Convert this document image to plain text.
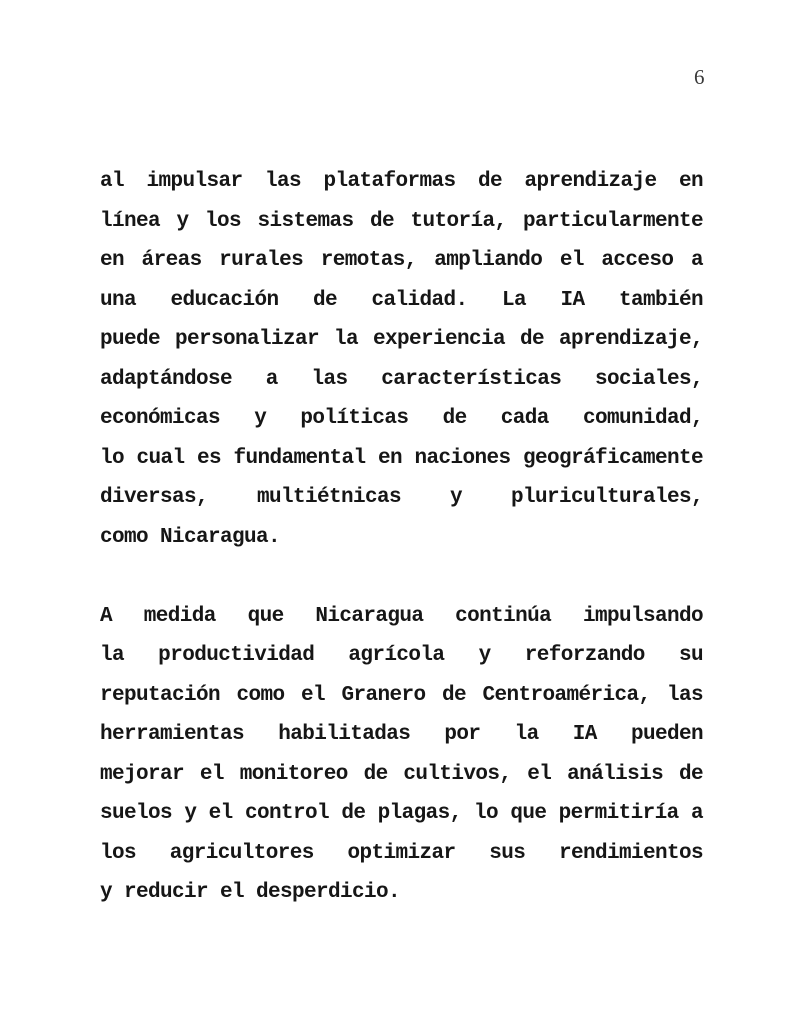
6
al impulsar las plataformas de aprendizaje en
línea y los sistemas de tutoría, particularmente
en áreas rurales remotas, ampliando el acceso a
una educación de calidad. La IA también
puede personalizar la experiencia de aprendizaje,
adaptándose a las características sociales,
económicas y políticas de cada comunidad,
lo cual es fundamental en naciones geográficamente
diversas, multiétnicas y pluriculturales,
como Nicaragua.
A medida que Nicaragua continúa impulsando
la productividad agrícola y reforzando su
reputación como el Granero de Centroamérica, las
herramientas habilitadas por la IA pueden
mejorar el monitoreo de cultivos, el análisis de
suelos y el control de plagas, lo que permitiría a
los agricultores optimizar sus rendimientos
y reducir el desperdicio.
